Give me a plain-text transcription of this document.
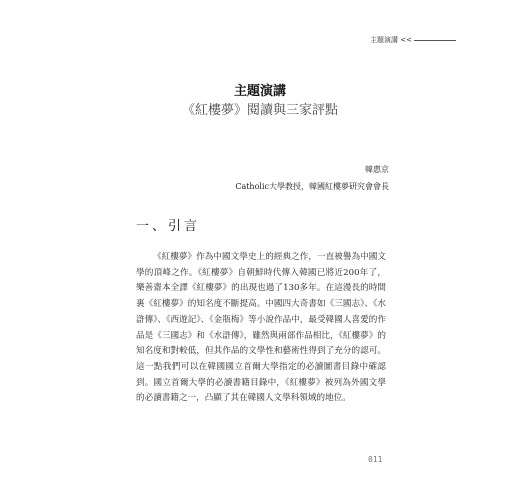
主題演講 <<
主題演講
《紅樓夢》閱讀與三家評點
韓惠京
Catholic大學教授，韓國紅樓夢研究會會長
一、引言

《紅樓夢》作為中國文學史上的經典之作，一直被譽為中國文學的頂峰之作。《紅樓夢》自朝鮮時代傳入韓國已將近200年了，樂善齋本全譯《紅樓夢》的出現也過了130多年。在這漫長的時間裏《紅樓夢》的知名度不斷提高。中國四大奇書如《三國志》、《水滸傳》、《西遊記》、《金瓶梅》等小說作品中，最受韓國人喜愛的作品是《三國志》和《水滸傳》，雖然與兩部作品相比，《紅樓夢》的知名度和對較低，但其作品的文學性和藝術性得到了充分的認可。這一點我們可以在韓國國立首爾大學指定的必讀圖書目錄中確認到。國立首爾大學的必讀書籍目錄中，《紅樓夢》被列為外國文學的必讀書籍之一，凸顯了其在韓國人文學科領域的地位。

011
